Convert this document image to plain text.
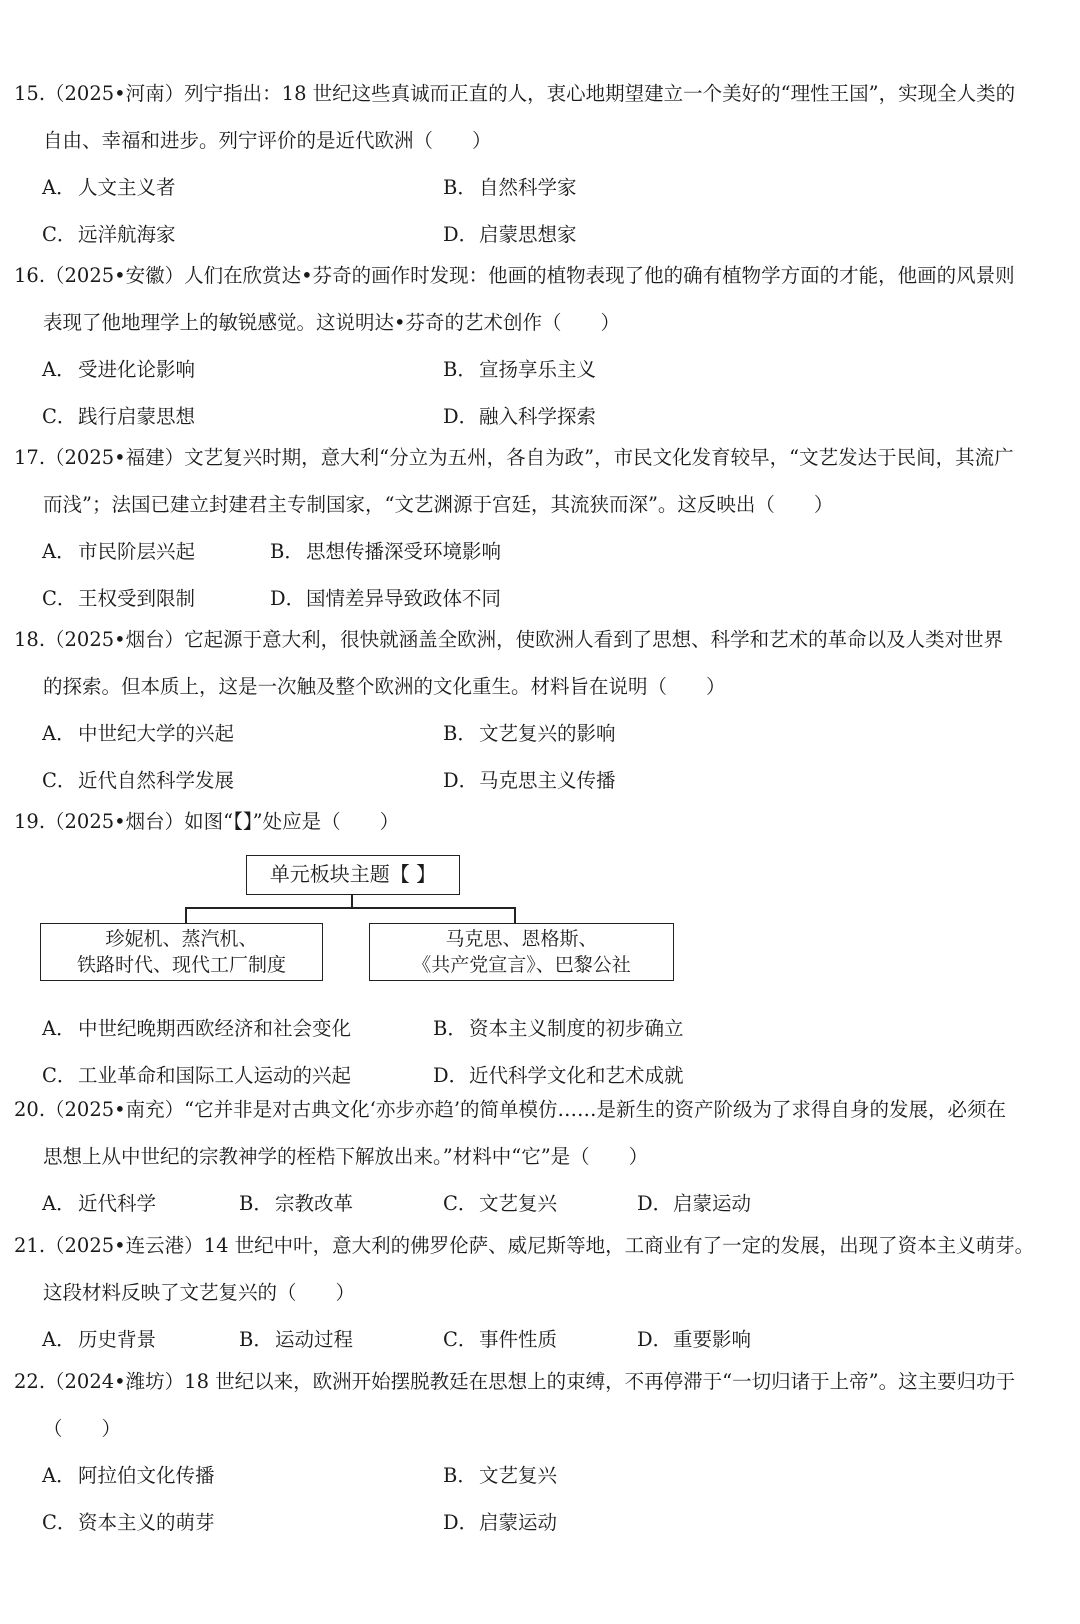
15.（2025•河南）列宁指出：18 世纪这些真诚而正直的人，衷心地期望建立一个美好的“理性王国”，实现全人类的
自由、幸福和进步。列宁评价的是近代欧洲（　　）
A． 人文主义者	B． 自然科学家
C．远洋航海家	D．启蒙思想家
16.（2025•安徽）人们在欣赏达•芬奇的画作时发现：他画的植物表现了他的确有植物学方面的才能，他画的风景则
表现了他地理学上的敏锐感觉。这说明达•芬奇的艺术创作（　　）
A． 受进化论影响	B． 宣扬享乐主义
C．践行启蒙思想	D．融入科学探索
17.（2025•福建）文艺复兴时期，意大利“分立为五州，各自为政”，市民文化发育较早，“文艺发达于民间，其流广
而浅”；法国已建立封建君主专制国家，“文艺渊源于宫廷，其流狭而深”。这反映出（　　）
A． 市民阶层兴起	B． 思想传播深受环境影响
C．王权受到限制	D．国情差异导致政体不同
18.（2025•烟台）它起源于意大利，很快就涵盖全欧洲，使欧洲人看到了思想、科学和艺术的革命以及人类对世界
的探索。但本质上，这是一次触及整个欧洲的文化重生。材料旨在说明（　　）
A． 中世纪大学的兴起	B． 文艺复兴的影响
C．近代自然科学发展	D．马克思主义传播
19.（2025•烟台）如图“【】”处应是（　　）
单元板块主题【 】
珍妮机、蒸汽机、
铁路时代、现代工厂制度
马克思、恩格斯、
《共产党宣言》、巴黎公社
A． 中世纪晚期西欧经济和社会变化	B． 资本主义制度的初步确立
C．工业革命和国际工人运动的兴起	D．近代科学文化和艺术成就
20.（2025•南充）“它并非是对古典文化‘亦步亦趋’的简单模仿……是新生的资产阶级为了求得自身的发展，必须在
思想上从中世纪的宗教神学的桎梏下解放出来。”材料中“它”是（　　）
A． 近代科学	B． 宗教改革	C．文艺复兴	D．启蒙运动
21.（2025•连云港）14 世纪中叶，意大利的佛罗伦萨、威尼斯等地，工商业有了一定的发展，出现了资本主义萌芽。
这段材料反映了文艺复兴的（　　）
A． 历史背景	B． 运动过程	C．事件性质	D．重要影响
22.（2024•潍坊）18 世纪以来，欧洲开始摆脱教廷在思想上的束缚，不再停滞于“一切归诸于上帝”。这主要归功于
（　　）
A． 阿拉伯文化传播	B． 文艺复兴
C．资本主义的萌芽	D．启蒙运动
